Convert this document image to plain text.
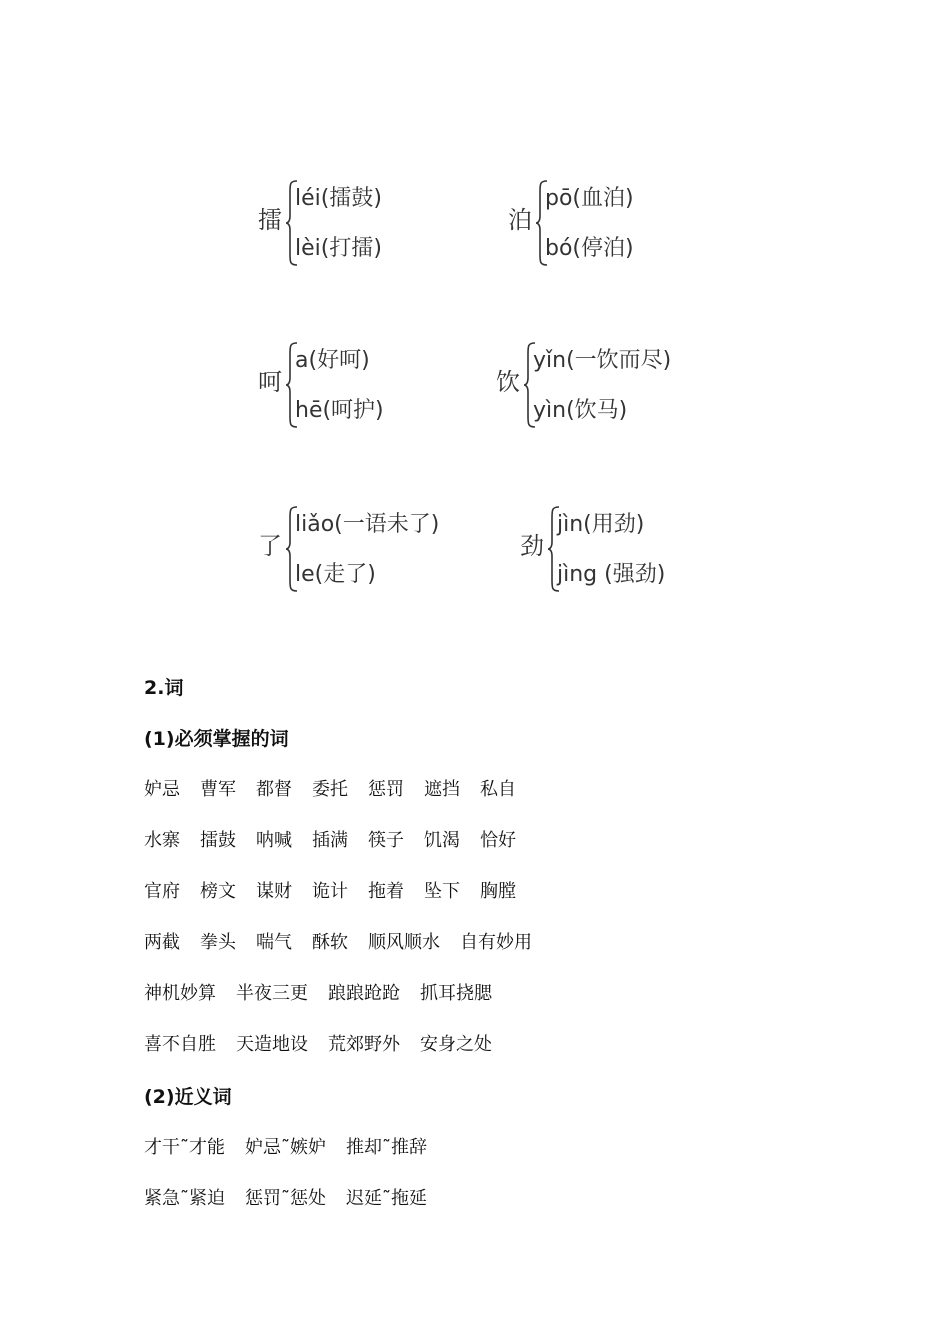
擂
léi(擂鼓)
lèi(打擂)
泊
pō(血泊)
bó(停泊)
呵
a(好呵)
hē(呵护)
饮
yǐn(一饮而尽)
yìn(饮马)
了
liǎo(一语未了)
le(走了)
劲
jìn(用劲)
jìng (强劲)
2.词
(1)必须掌握的词
妒忌 曹军 都督 委托 惩罚 遮挡 私自
水寨 擂鼓 呐喊 插满 筷子 饥渴 恰好
官府 榜文 谋财 诡计 拖着 坠下 胸膛
两截 拳头 喘气 酥软 顺风顺水 自有妙用
神机妙算 半夜三更 踉踉跄跄 抓耳挠腮
喜不自胜 天造地设 荒郊野外 安身之处
(2)近义词
才干˜才能 妒忌˜嫉妒 推却˜推辞
紧急˜紧迫 惩罚˜惩处 迟延˜拖延
